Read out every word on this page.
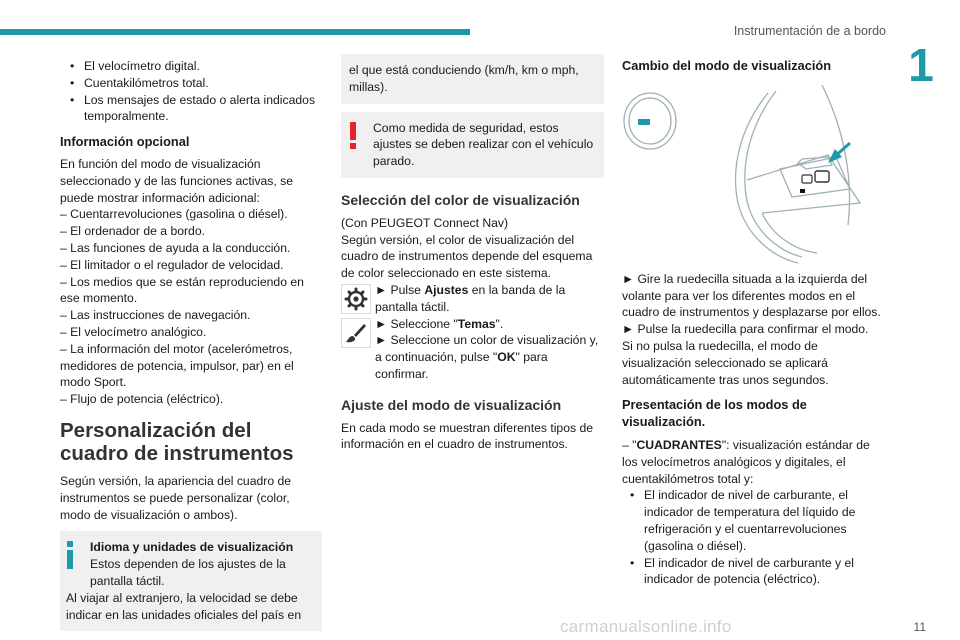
Instrumentación de a bordo
1

• El velocímetro digital.

• Cuentakilómetros total.

• Los mensajes de estado o alerta indicados temporalmente.

Información opcional

En función del modo de visualización seleccionado y de las funciones activas, se puede mostrar información adicional:

– Cuentarrevoluciones (gasolina o diésel).

– El ordenador de a bordo.

– Las funciones de ayuda a la conducción.

– El limitador o el regulador de velocidad.

– Los medios que se están reproduciendo en ese momento.

– Las instrucciones de navegación.

– El velocímetro analógico.

– La información del motor (acelerómetros, medidores de potencia, impulsor, par) en el modo Sport.

– Flujo de potencia (eléctrico).

Personalización del cuadro de instrumentos

Según versión, la apariencia del cuadro de instrumentos se puede personalizar (color, modo de visualización o ambos).

Idioma y unidades de visualización
Estos dependen de los ajustes de la pantalla táctil.
Al viajar al extranjero, la velocidad se debe indicar en las unidades oficiales del país en
el que está conduciendo (km/h, km o mph, millas).
Como medida de seguridad, estos ajustes se deben realizar con el vehículo parado.
Selección del color de visualización

(Con PEUGEOT Connect Nav)

Según versión, el color de visualización del cuadro de instrumentos depende del esquema de color seleccionado en este sistema.

► Pulse Ajustes en la banda de la pantalla táctil.
► Seleccione "Temas".
► Seleccione un color de visualización y, a continuación, pulse "OK" para confirmar.
Ajuste del modo de visualización

En cada modo se muestran diferentes tipos de información en el cuadro de instrumentos.

Cambio del modo de visualización

► Gire la ruedecilla situada a la izquierda del volante para ver los diferentes modos en el cuadro de instrumentos y desplazarse por ellos.

► Pulse la ruedecilla para confirmar el modo.

Si no pulsa la ruedecilla, el modo de visualización seleccionado se aplicará automáticamente tras unos segundos.

Presentación de los modos de visualización.

– "CUADRANTES": visualización estándar de los velocímetros analógicos y digitales, el cuentakilómetros total y:

• El indicador de nivel de carburante, el indicador de temperatura del líquido de refrigeración y el cuentarrevoluciones (gasolina o diésel).

• El indicador de nivel de carburante y el indicador de potencia (eléctrico).

carmanualsonline.info	11
